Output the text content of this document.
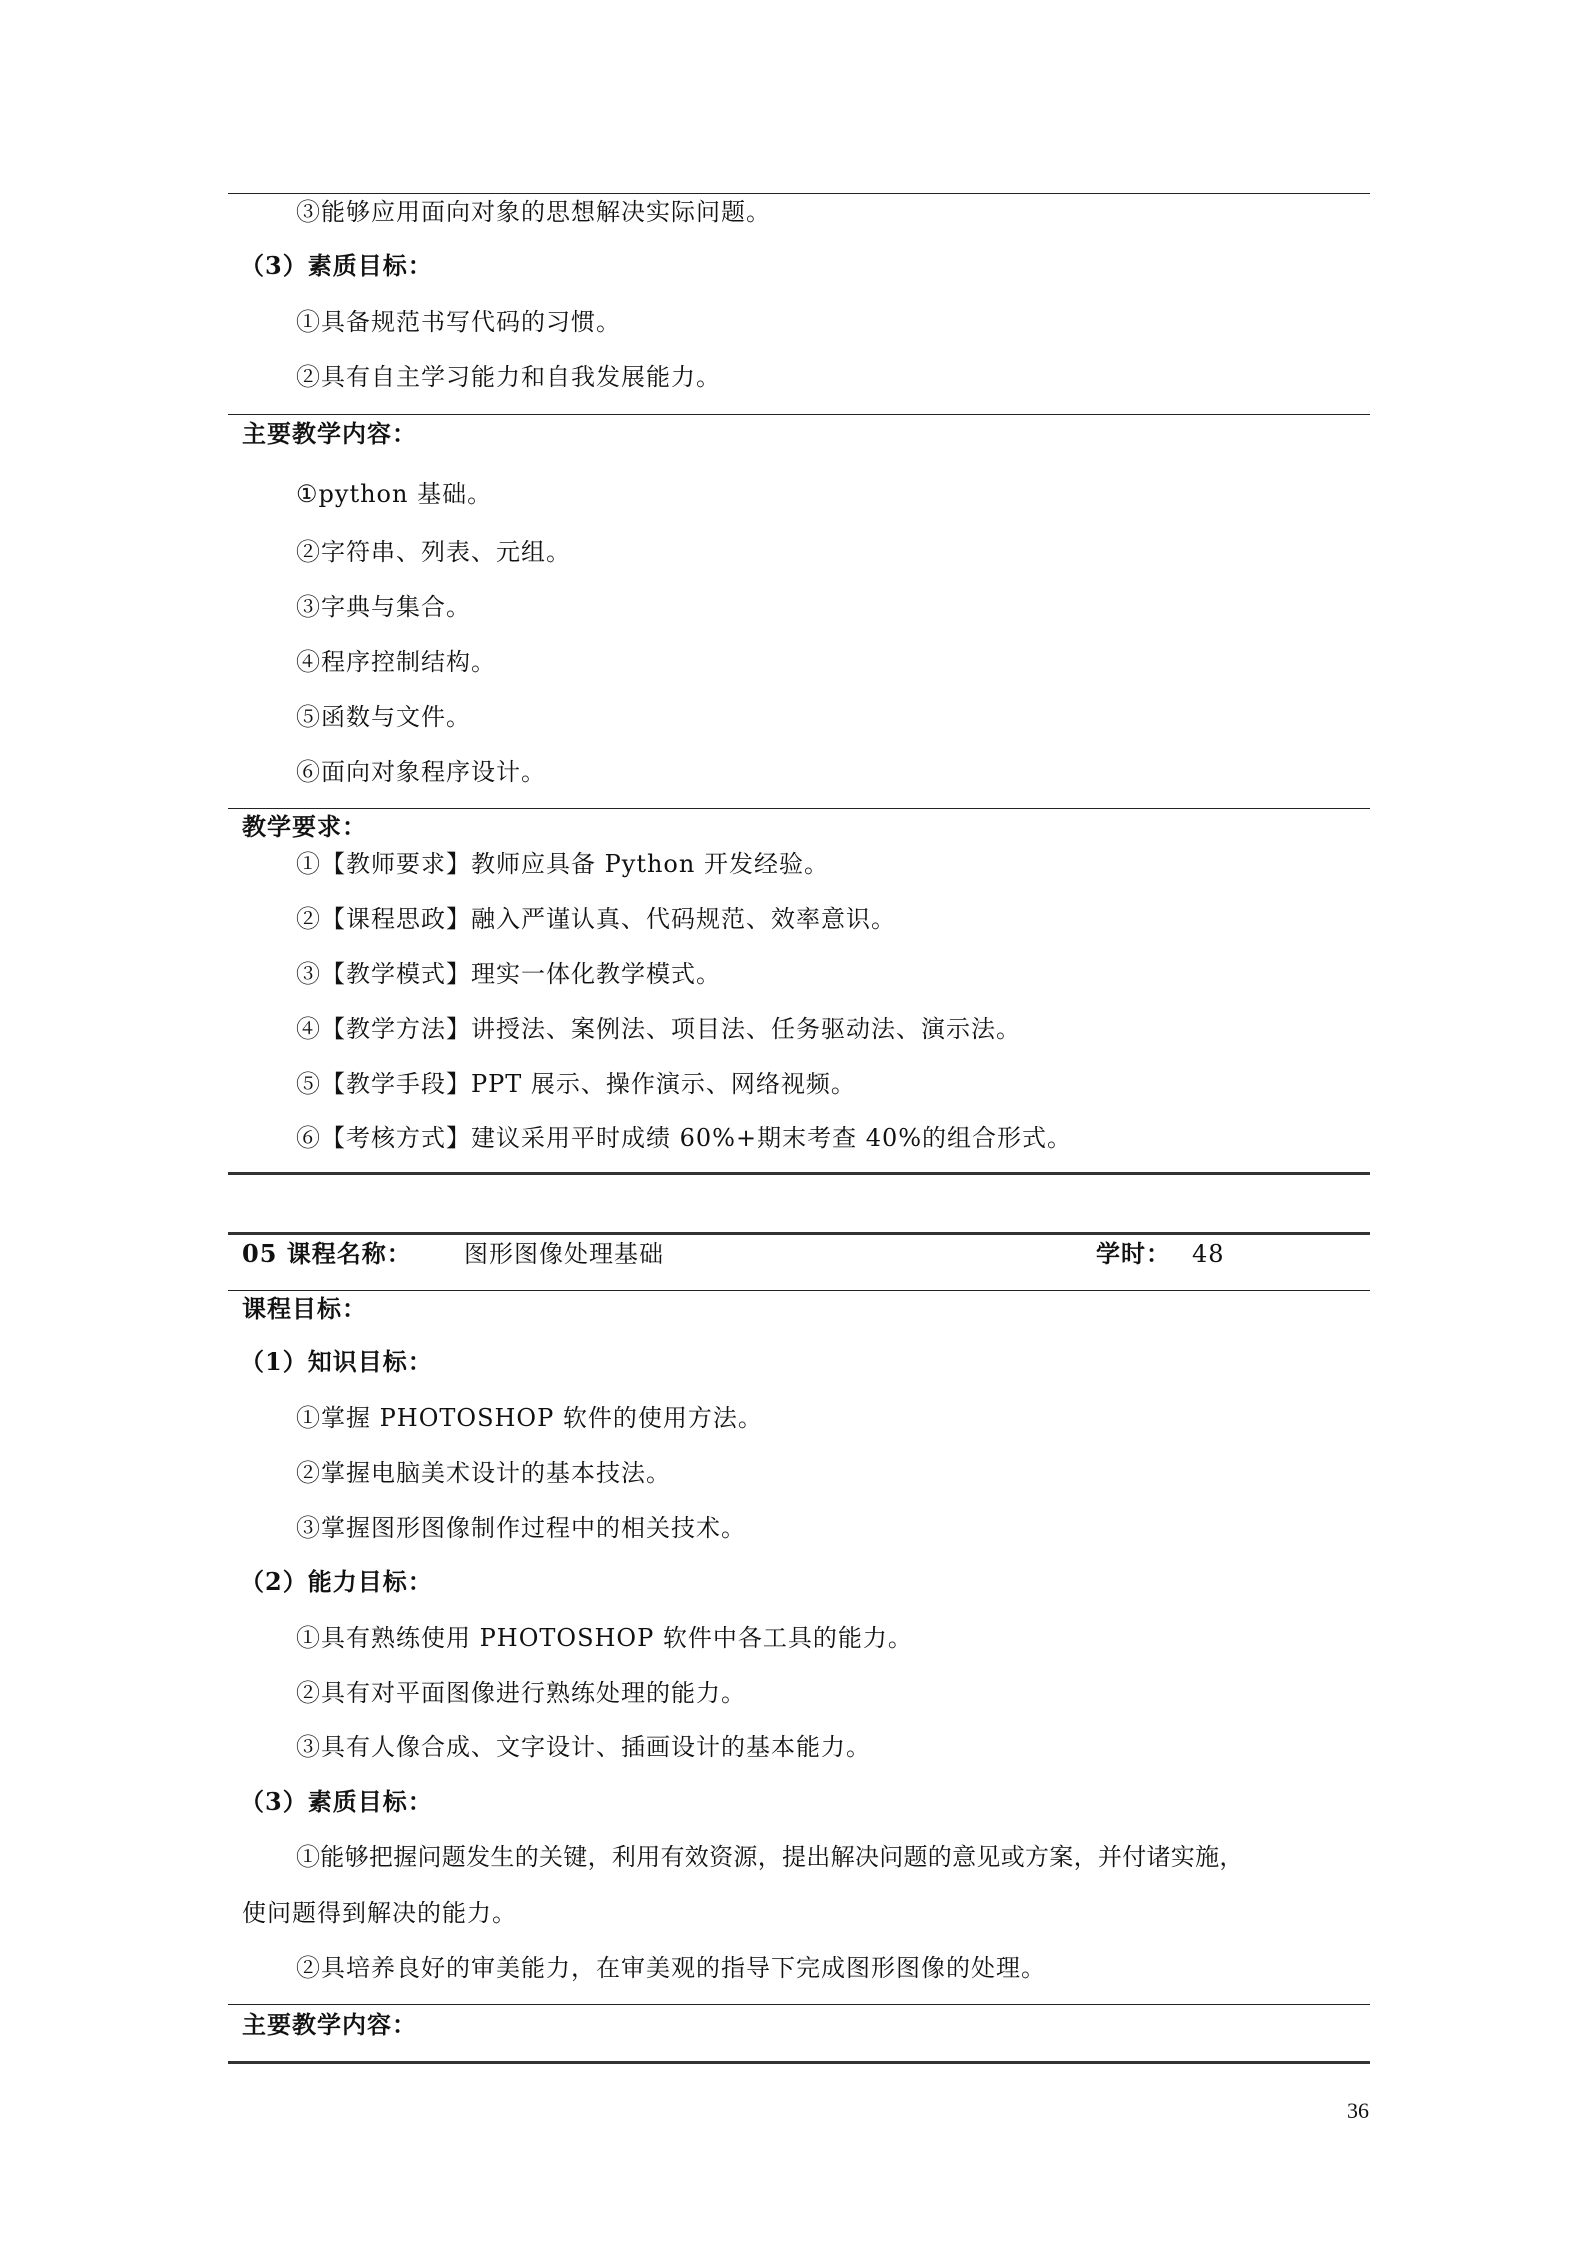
③能够应用面向对象的思想解决实际问题。
（3）素质目标：
①具备规范书写代码的习惯。
②具有自主学习能力和自我发展能力。
主要教学内容：
①python 基础。
②字符串、列表、元组。
③字典与集合。
④程序控制结构。
⑤函数与文件。
⑥面向对象程序设计。
教学要求：
①【教师要求】教师应具备 Python 开发经验。
②【课程思政】融入严谨认真、代码规范、效率意识。
③【教学模式】理实一体化教学模式。
④【教学方法】讲授法、案例法、项目法、任务驱动法、演示法。
⑤【教学手段】PPT 展示、操作演示、网络视频。
⑥【考核方式】建议采用平时成绩 60%+期末考查 40%的组合形式。
05 课程名称： 图形图像处理基础	学时： 48
课程目标：
（1）知识目标：
①掌握 PHOTOSHOP 软件的使用方法。
②掌握电脑美术设计的基本技法。
③掌握图形图像制作过程中的相关技术。
（2）能力目标：
①具有熟练使用 PHOTOSHOP 软件中各工具的能力。
②具有对平面图像进行熟练处理的能力。
③具有人像合成、文字设计、插画设计的基本能力。
（3）素质目标：
①能够把握问题发生的关键，利用有效资源，提出解决问题的意见或方案，并付诸实施，
使问题得到解决的能力。
②具培养良好的审美能力，在审美观的指导下完成图形图像的处理。
主要教学内容：
36
